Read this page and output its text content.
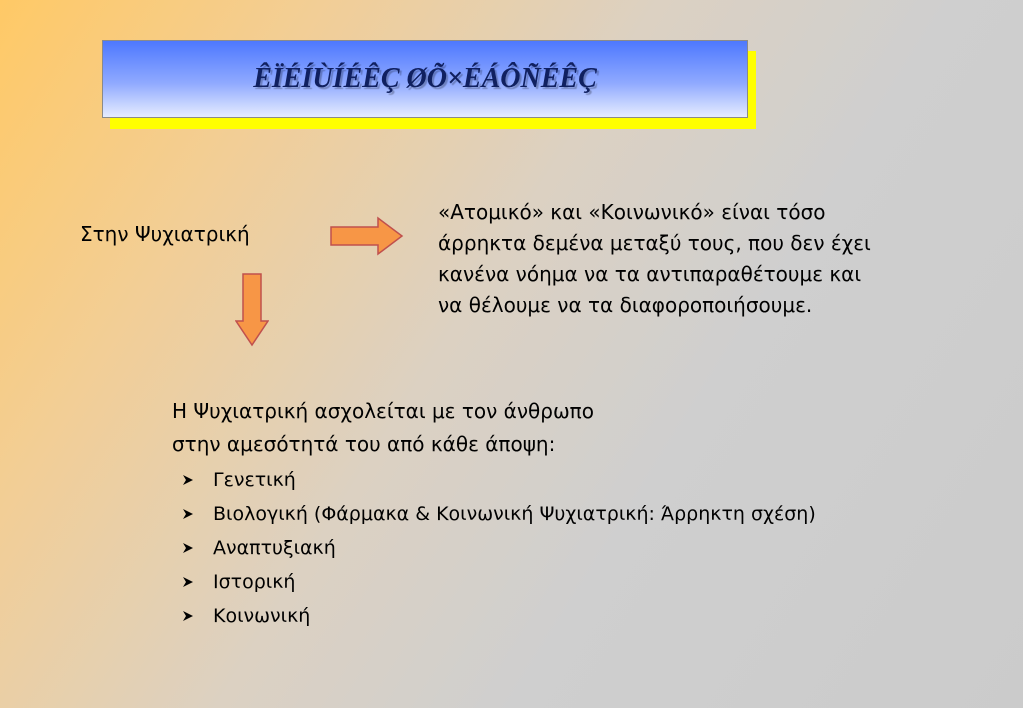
ÊÏÉÍÙÍÉÊÇ ØÕ×ÉÁÔÑÉÊÇ
Στην Ψυχιατρική
«Ατομικό» και «Κοινωνικό» είναι τόσο
άρρηκτα δεμένα μεταξύ τους, που δεν έχει
κανένα νόημα να τα αντιπαραθέτουμε και
να θέλουμε να τα διαφοροποιήσουμε.
Η Ψυχιατρική ασχολείται με τον άνθρωπο
στην αμεσότητά του από κάθε άποψη:
Γενετική
Βιολογική (Φάρμακα & Κοινωνική Ψυχιατρική: Άρρηκτη σχέση)
Αναπτυξιακή
Ιστορική
Κοινωνική
